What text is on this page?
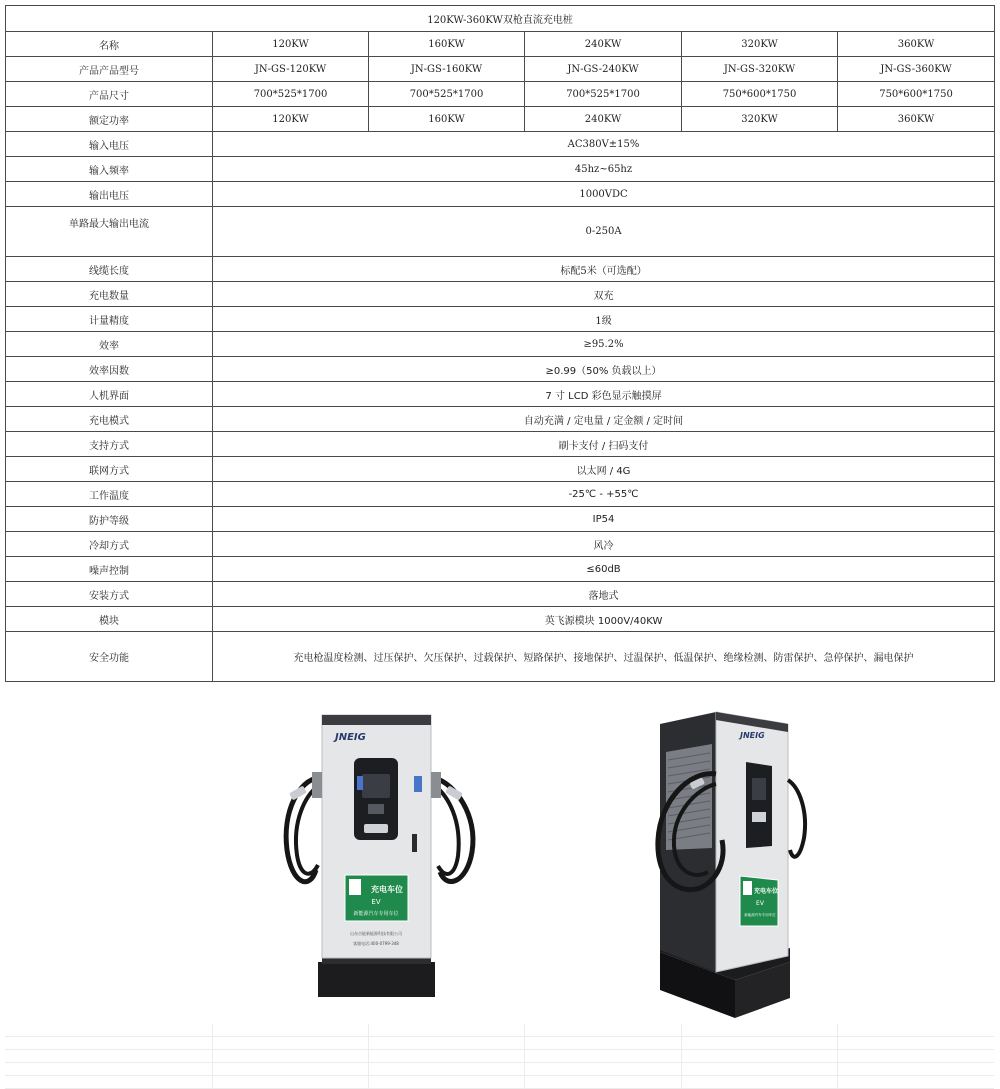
120KW-360KW双枪直流充电桩					
名称	120KW	160KW	240KW	320KW	360KW
产品产品型号	JN-GS-120KW	JN-GS-160KW	JN-GS-240KW	JN-GS-320KW	JN-GS-360KW
产品尺寸	700*525*1700	700*525*1700	700*525*1700	750*600*1750	750*600*1750
额定功率	120KW	160KW	240KW	320KW	360KW
输入电压	AC380V±15%				
输入频率	45hz~65hz				
输出电压	1000VDC				
单路最大输出电流	0-250A				
线缆长度	标配5米（可选配）				
充电数量	双充				
计量精度	1级				
效率	≥95.2%				
效率因数	≥0.99（50% 负载以上）				
人机界面	7 寸 LCD 彩色显示触摸屏				
充电模式	自动充满 / 定电量 / 定金额 / 定时间				
支持方式	刷卡支付 / 扫码支付				
联网方式	以太网 / 4G				
工作温度	-25℃ - +55℃				
防护等级	IP54				
冷却方式	风冷				
噪声控制	≤60dB				
安装方式	落地式				
模块	英飞源模块 1000V/40KW				
安全功能	充电枪温度检测、过压保护、欠压保护、过载保护、短路保护、接地保护、过温保护、低温保护、绝缘检测、防雷保护、急停保护、漏电保护				
JNEIG
充电车位
EV
新能源汽车专用车位
山东吉能新能源科技有限公司
客服电话:400-0799-348
JNEIG
充电车位
EV
新能源汽车专用车位
